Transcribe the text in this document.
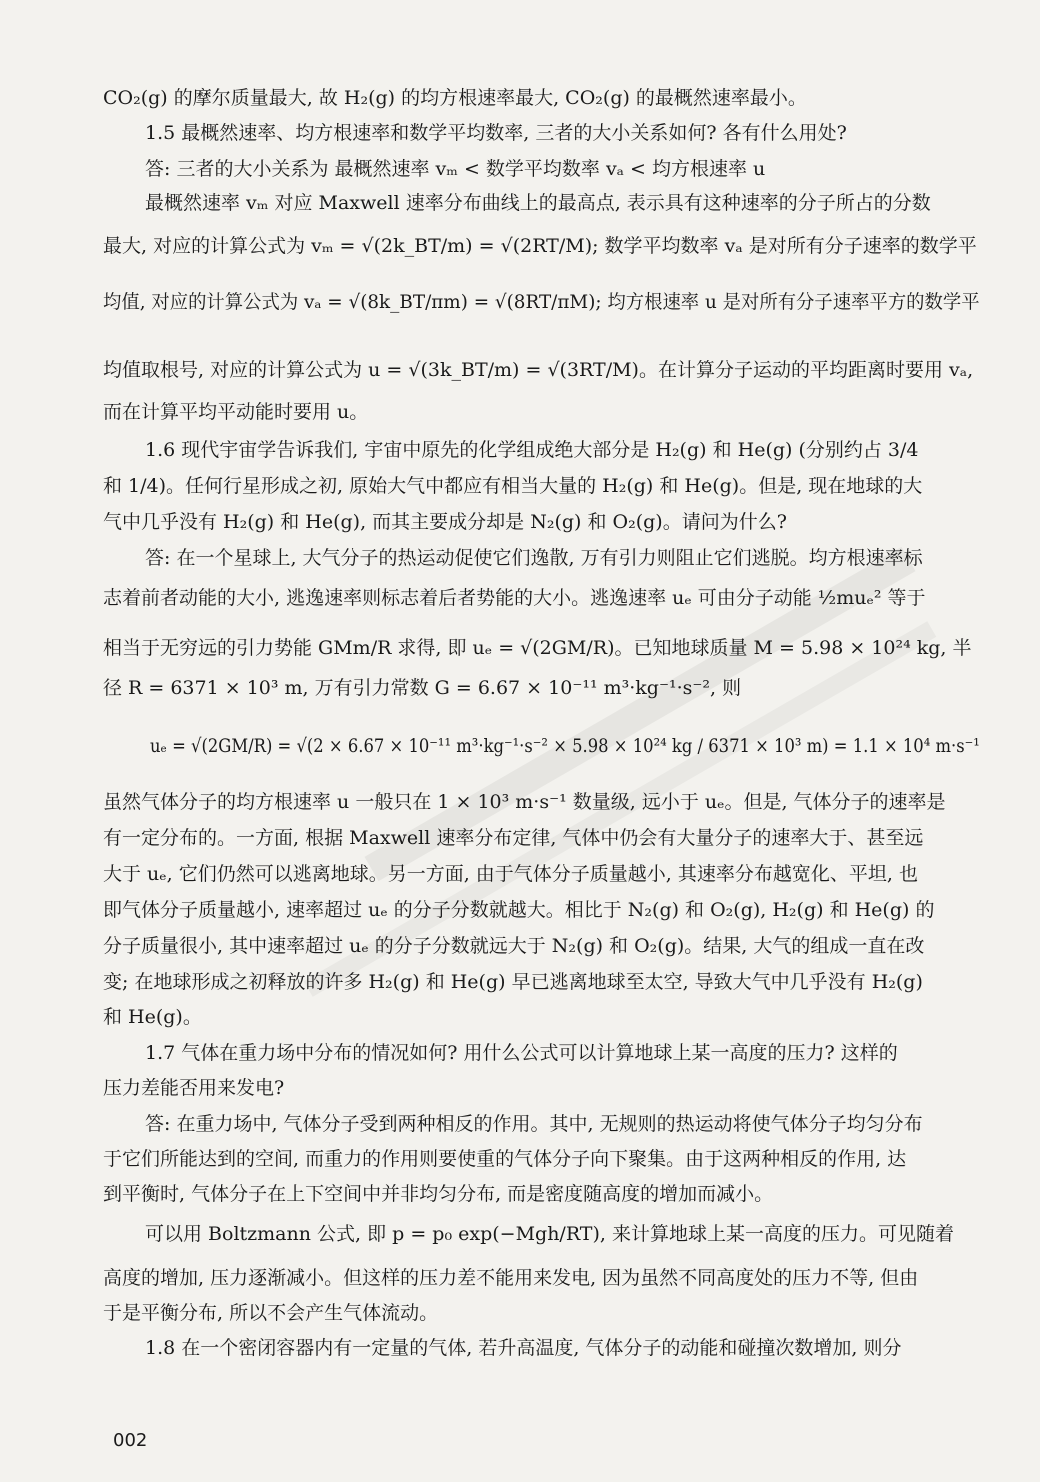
CO₂(g) 的摩尔质量最大, 故 H₂(g) 的均方根速率最大, CO₂(g) 的最概然速率最小。
1.5 最概然速率、均方根速率和数学平均数率, 三者的大小关系如何? 各有什么用处?
答: 三者的大小关系为 最概然速率 vₘ < 数学平均数率 vₐ < 均方根速率 u
最概然速率 vₘ 对应 Maxwell 速率分布曲线上的最高点, 表示具有这种速率的分子所占的分数
最大, 对应的计算公式为 vₘ = √(2k_BT/m) = √(2RT/M); 数学平均数率 vₐ 是对所有分子速率的数学平
均值, 对应的计算公式为 vₐ = √(8k_BT/πm) = √(8RT/πM); 均方根速率 u 是对所有分子速率平方的数学平
均值取根号, 对应的计算公式为 u = √(3k_BT/m) = √(3RT/M)。在计算分子运动的平均距离时要用 vₐ,
而在计算平均平动能时要用 u。
1.6 现代宇宙学告诉我们, 宇宙中原先的化学组成绝大部分是 H₂(g) 和 He(g) (分别约占 3/4
和 1/4)。任何行星形成之初, 原始大气中都应有相当大量的 H₂(g) 和 He(g)。但是, 现在地球的大
气中几乎没有 H₂(g) 和 He(g), 而其主要成分却是 N₂(g) 和 O₂(g)。请问为什么?
答: 在一个星球上, 大气分子的热运动促使它们逸散, 万有引力则阻止它们逃脱。均方根速率标
志着前者动能的大小, 逃逸速率则标志着后者势能的大小。逃逸速率 uₑ 可由分子动能 ½muₑ² 等于
相当于无穷远的引力势能 GMm/R 求得, 即 uₑ = √(2GM/R)。已知地球质量 M = 5.98 × 10²⁴ kg, 半
径 R = 6371 × 10³ m, 万有引力常数 G = 6.67 × 10⁻¹¹ m³·kg⁻¹·s⁻², 则
uₑ = √(2GM/R) = √(2 × 6.67 × 10⁻¹¹ m³·kg⁻¹·s⁻² × 5.98 × 10²⁴ kg / 6371 × 10³ m) = 1.1 × 10⁴ m·s⁻¹
虽然气体分子的均方根速率 u 一般只在 1 × 10³ m·s⁻¹ 数量级, 远小于 uₑ。但是, 气体分子的速率是
有一定分布的。一方面, 根据 Maxwell 速率分布定律, 气体中仍会有大量分子的速率大于、甚至远
大于 uₑ, 它们仍然可以逃离地球。另一方面, 由于气体分子质量越小, 其速率分布越宽化、平坦, 也
即气体分子质量越小, 速率超过 uₑ 的分子分数就越大。相比于 N₂(g) 和 O₂(g), H₂(g) 和 He(g) 的
分子质量很小, 其中速率超过 uₑ 的分子分数就远大于 N₂(g) 和 O₂(g)。结果, 大气的组成一直在改
变; 在地球形成之初释放的许多 H₂(g) 和 He(g) 早已逃离地球至太空, 导致大气中几乎没有 H₂(g)
和 He(g)。
1.7 气体在重力场中分布的情况如何? 用什么公式可以计算地球上某一高度的压力? 这样的
压力差能否用来发电?
答: 在重力场中, 气体分子受到两种相反的作用。其中, 无规则的热运动将使气体分子均匀分布
于它们所能达到的空间, 而重力的作用则要使重的气体分子向下聚集。由于这两种相反的作用, 达
到平衡时, 气体分子在上下空间中并非均匀分布, 而是密度随高度的增加而减小。
可以用 Boltzmann 公式, 即 p = p₀ exp(−Mgh/RT), 来计算地球上某一高度的压力。可见随着
高度的增加, 压力逐渐减小。但这样的压力差不能用来发电, 因为虽然不同高度处的压力不等, 但由
于是平衡分布, 所以不会产生气体流动。
1.8 在一个密闭容器内有一定量的气体, 若升高温度, 气体分子的动能和碰撞次数增加, 则分
002
